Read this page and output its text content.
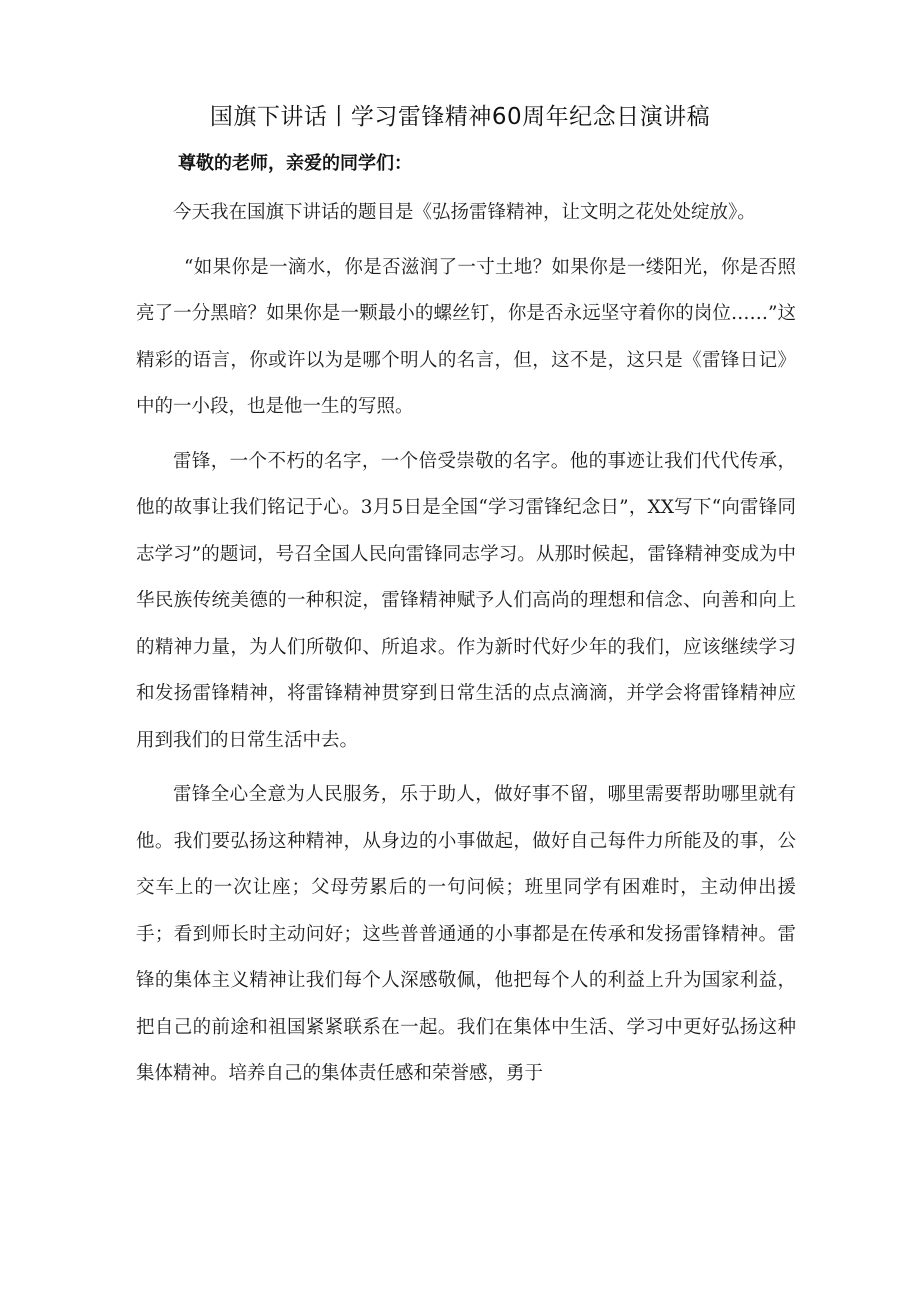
国旗下讲话丨学习雷锋精神60周年纪念日演讲稿

尊敬的老师，亲爱的同学们：

今天我在国旗下讲话的题目是《弘扬雷锋精神，让文明之花处处绽放》。

“如果你是一滴水，你是否滋润了一寸土地？如果你是一缕阳光，你是否照亮了一分黑暗？如果你是一颗最小的螺丝钉，你是否永远坚守着你的岗位……”这精彩的语言，你或许以为是哪个明人的名言，但，这不是，这只是《雷锋日记》中的一小段，也是他一生的写照。

雷锋，一个不朽的名字，一个倍受崇敬的名字。他的事迹让我们代代传承，他的故事让我们铭记于心。3月5日是全国“学习雷锋纪念日”，XX写下“向雷锋同志学习”的题词，号召全国人民向雷锋同志学习。从那时候起，雷锋精神变成为中华民族传统美德的一种积淀，雷锋精神赋予人们高尚的理想和信念、向善和向上的精神力量，为人们所敬仰、所追求。作为新时代好少年的我们，应该继续学习和发扬雷锋精神，将雷锋精神贯穿到日常生活的点点滴滴，并学会将雷锋精神应用到我们的日常生活中去。

雷锋全心全意为人民服务，乐于助人，做好事不留，哪里需要帮助哪里就有他。我们要弘扬这种精神，从身边的小事做起，做好自己每件力所能及的事，公交车上的一次让座；父母劳累后的一句问候；班里同学有困难时，主动伸出援手；看到师长时主动问好；这些普普通通的小事都是在传承和发扬雷锋精神。雷锋的集体主义精神让我们每个人深感敬佩，他把每个人的利益上升为国家利益，把自己的前途和祖国紧紧联系在一起。我们在集体中生活、学习中更好弘扬这种集体精神。培养自己的集体责任感和荣誉感，勇于
